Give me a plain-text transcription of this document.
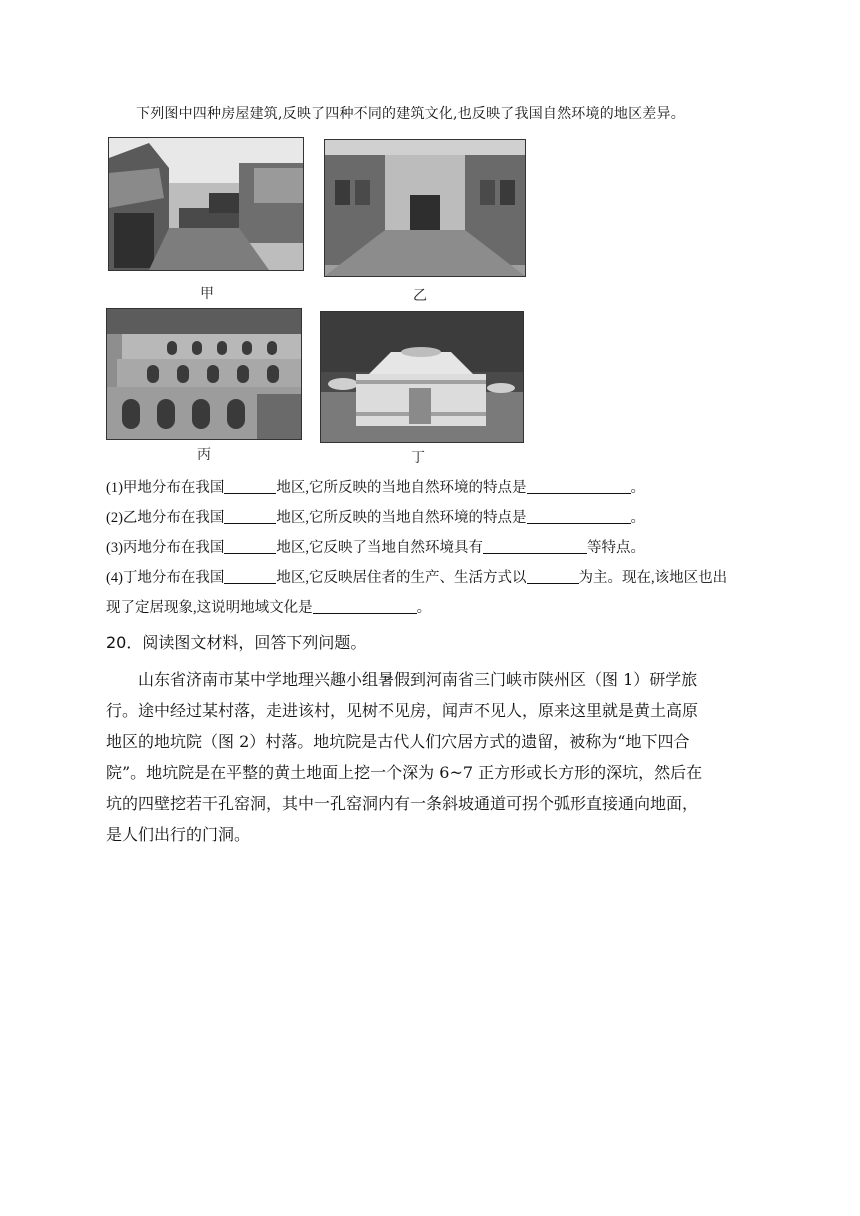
下列图中四种房屋建筑,反映了四种不同的建筑文化,也反映了我国自然环境的地区差异。
甲	乙
丙	丁
(1)甲地分布在我国	地区,它所反映的当地自然环境的特点是	。
(2)乙地分布在我国	地区,它所反映的当地自然环境的特点是	。
(3)丙地分布在我国	地区,它反映了当地自然环境具有	等特点。
(4)丁地分布在我国	地区,它反映居住者的生产、生活方式以	为主。现在,该地区也出
现了定居现象,这说明地域文化是	。
20．阅读图文材料，回答下列问题。
山东省济南市某中学地理兴趣小组暑假到河南省三门峡市陕州区（图 1）研学旅
行。途中经过某村落，走进该村，见树不见房，闻声不见人，原来这里就是黄土高原
地区的地坑院（图 2）村落。地坑院是古代人们穴居方式的遗留，被称为“地下四合
院”。地坑院是在平整的黄土地面上挖一个深为 6~7 正方形或长方形的深坑，然后在
坑的四壁挖若干孔窑洞，其中一孔窑洞内有一条斜坡通道可拐个弧形直接通向地面，
是人们出行的门洞。
